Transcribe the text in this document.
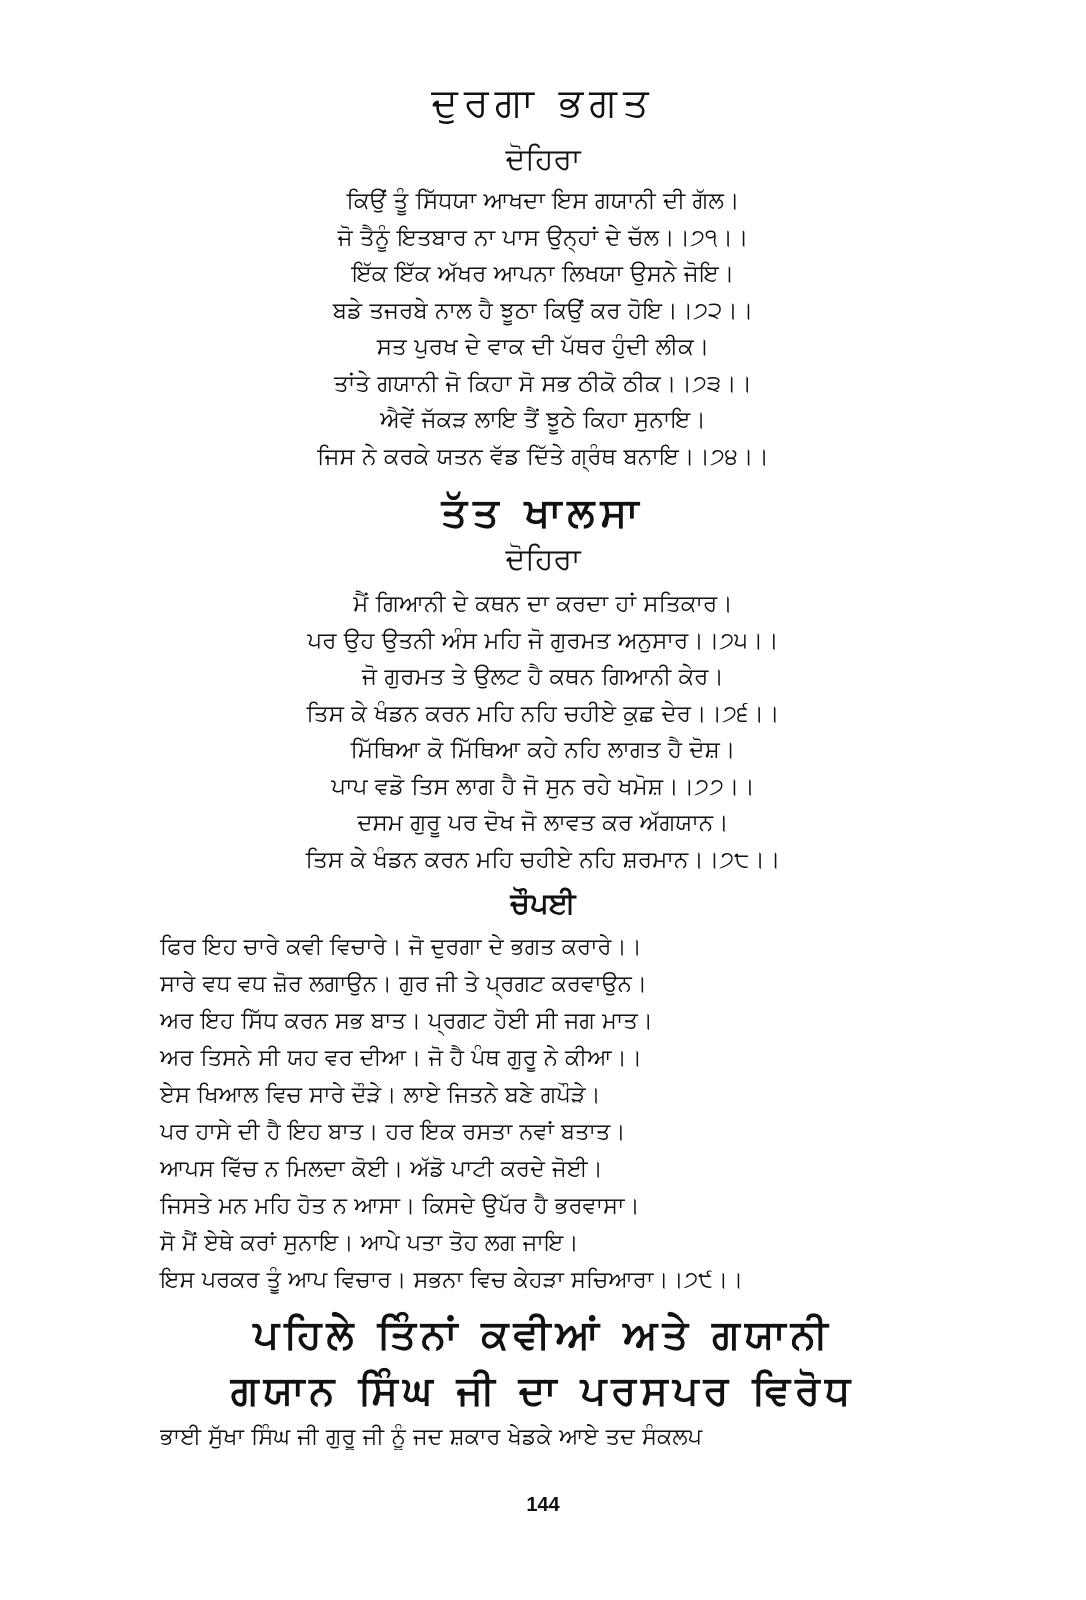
ਦੁਰਗਾ ਭਗਤ
ਦੋਹਿਰਾ
ਕਿਉਂ ਤੂੰ ਸਿੱਧਯਾ ਆਖਦਾ ਇਸ ਗਯਾਨੀ ਦੀ ਗੱਲ।
ਜੋ ਤੈਨੂੰ ਇਤਬਾਰ ਨਾ ਪਾਸ ਉਨ੍ਹਾਂ ਦੇ ਚੱਲ।।੭੧।।
ਇੱਕ ਇੱਕ ਅੱਖਰ ਆਪਨਾ ਲਿਖਯਾ ਉਸਨੇ ਜੋਇ।
ਬਡੇ ਤਜਰਬੇ ਨਾਲ ਹੈ ਝੂਠਾ ਕਿਉਂ ਕਰ ਹੋਇ।।੭੨।।
ਸਤ ਪੁਰਖ ਦੇ ਵਾਕ ਦੀ ਪੱਥਰ ਹੁੰਦੀ ਲੀਕ।
ਤਾਂਤੇ ਗਯਾਨੀ ਜੋ ਕਿਹਾ ਸੋ ਸਭ ਠੀਕੋ ਠੀਕ।।੭੩।।
ਐਵੇਂ ਜੱਕੜ ਲਾਇ ਤੈਂ ਝੂਠੇ ਕਿਹਾ ਸੁਨਾਇ।
ਜਿਸ ਨੇ ਕਰਕੇ ਯਤਨ ਵੱਡ ਦਿੱਤੇ ਗ੍ਰੰਥ ਬਨਾਇ।।੭੪।।
ਤੱਤ ਖਾਲਸਾ
ਦੋਹਿਰਾ
ਮੈਂ ਗਿਆਨੀ ਦੇ ਕਥਨ ਦਾ ਕਰਦਾ ਹਾਂ ਸਤਿਕਾਰ।
ਪਰ ਉਹ ਉਤਨੀ ਅੰਸ ਮਹਿ ਜੋ ਗੁਰਮਤ ਅਨੁਸਾਰ।।੭੫।।
ਜੋ ਗੁਰਮਤ ਤੇ ਉਲਟ ਹੈ ਕਥਨ ਗਿਆਨੀ ਕੇਰ।
ਤਿਸ ਕੇ ਖੰਡਨ ਕਰਨ ਮਹਿ ਨਹਿ ਚਹੀਏ ਕੁਛ ਦੇਰ।।੭੬।।
ਮਿੱਥਿਆ ਕੋ ਮਿੱਥਿਆ ਕਹੇ ਨਹਿ ਲਾਗਤ ਹੈ ਦੋਸ਼।
ਪਾਪ ਵਡੋ ਤਿਸ ਲਾਗ ਹੈ ਜੋ ਸੁਨ ਰਹੇ ਖਮੋਸ਼।।੭੭।।
ਦਸਮ ਗੁਰੂ ਪਰ ਦੋਖ ਜੋ ਲਾਵਤ ਕਰ ਅੱਗਯਾਨ।
ਤਿਸ ਕੇ ਖੰਡਨ ਕਰਨ ਮਹਿ ਚਹੀਏ ਨਹਿ ਸ਼ਰਮਾਨ।।੭੮।।
ਚੌਪਈ
ਫਿਰ ਇਹ ਚਾਰੇ ਕਵੀ ਵਿਚਾਰੇ। ਜੋ ਦੁਰਗਾ ਦੇ ਭਗਤ ਕਰਾਰੇ।।
ਸਾਰੇ ਵਧ ਵਧ ਜ਼ੋਰ ਲਗਾਉਨ। ਗੁਰ ਜੀ ਤੇ ਪ੍ਰਗਟ ਕਰਵਾਉਨ।
ਅਰ ਇਹ ਸਿੱਧ ਕਰਨ ਸਭ ਬਾਤ। ਪ੍ਰਗਟ ਹੋਈ ਸੀ ਜਗ ਮਾਤ।
ਅਰ ਤਿਸਨੇ ਸੀ ਯਹ ਵਰ ਦੀਆ। ਜੋ ਹੈ ਪੰਥ ਗੁਰੂ ਨੇ ਕੀਆ।।
ਏਸ ਖਿਆਲ ਵਿਚ ਸਾਰੇ ਦੌੜੇ। ਲਾਏ ਜਿਤਨੇ ਬਣੇ ਗਪੌੜੇ।
ਪਰ ਹਾਸੇ ਦੀ ਹੈ ਇਹ ਬਾਤ। ਹਰ ਇਕ ਰਸਤਾ ਨਵਾਂ ਬਤਾਤ।
ਆਪਸ ਵਿੱਚ ਨ ਮਿਲਦਾ ਕੋਈ। ਅੱਡੋ ਪਾਟੀ ਕਰਦੇ ਜੋਈ।
ਜਿਸਤੇ ਮਨ ਮਹਿ ਹੋਤ ਨ ਆਸਾ। ਕਿਸਦੇ ਉਪੱਰ ਹੈ ਭਰਵਾਸਾ।
ਸੋ ਮੈਂ ਏਥੇ ਕਰਾਂ ਸੁਨਾਇ। ਆਪੇ ਪਤਾ ਤੋਹ ਲਗ ਜਾਇ।
ਇਸ ਪਰਕਰ ਤੂੰ ਆਪ ਵਿਚਾਰ। ਸਭਨਾ ਵਿਚ ਕੇਹੜਾ ਸਚਿਆਰਾ।।੭੯।।
ਪਹਿਲੇ ਤਿੰਨਾਂ ਕਵੀਆਂ ਅਤੇ ਗਯਾਨੀ
ਗਯਾਨ ਸਿੰਘ ਜੀ ਦਾ ਪਰਸਪਰ ਵਿਰੋਧ
ਭਾਈ ਸੁੱਖਾ ਸਿੰਘ ਜੀ ਗੁਰੂ ਜੀ ਨੂੰ ਜਦ ਸ਼ਕਾਰ ਖੇਡਕੇ ਆਏ ਤਦ ਸੰਕਲਪ
144
